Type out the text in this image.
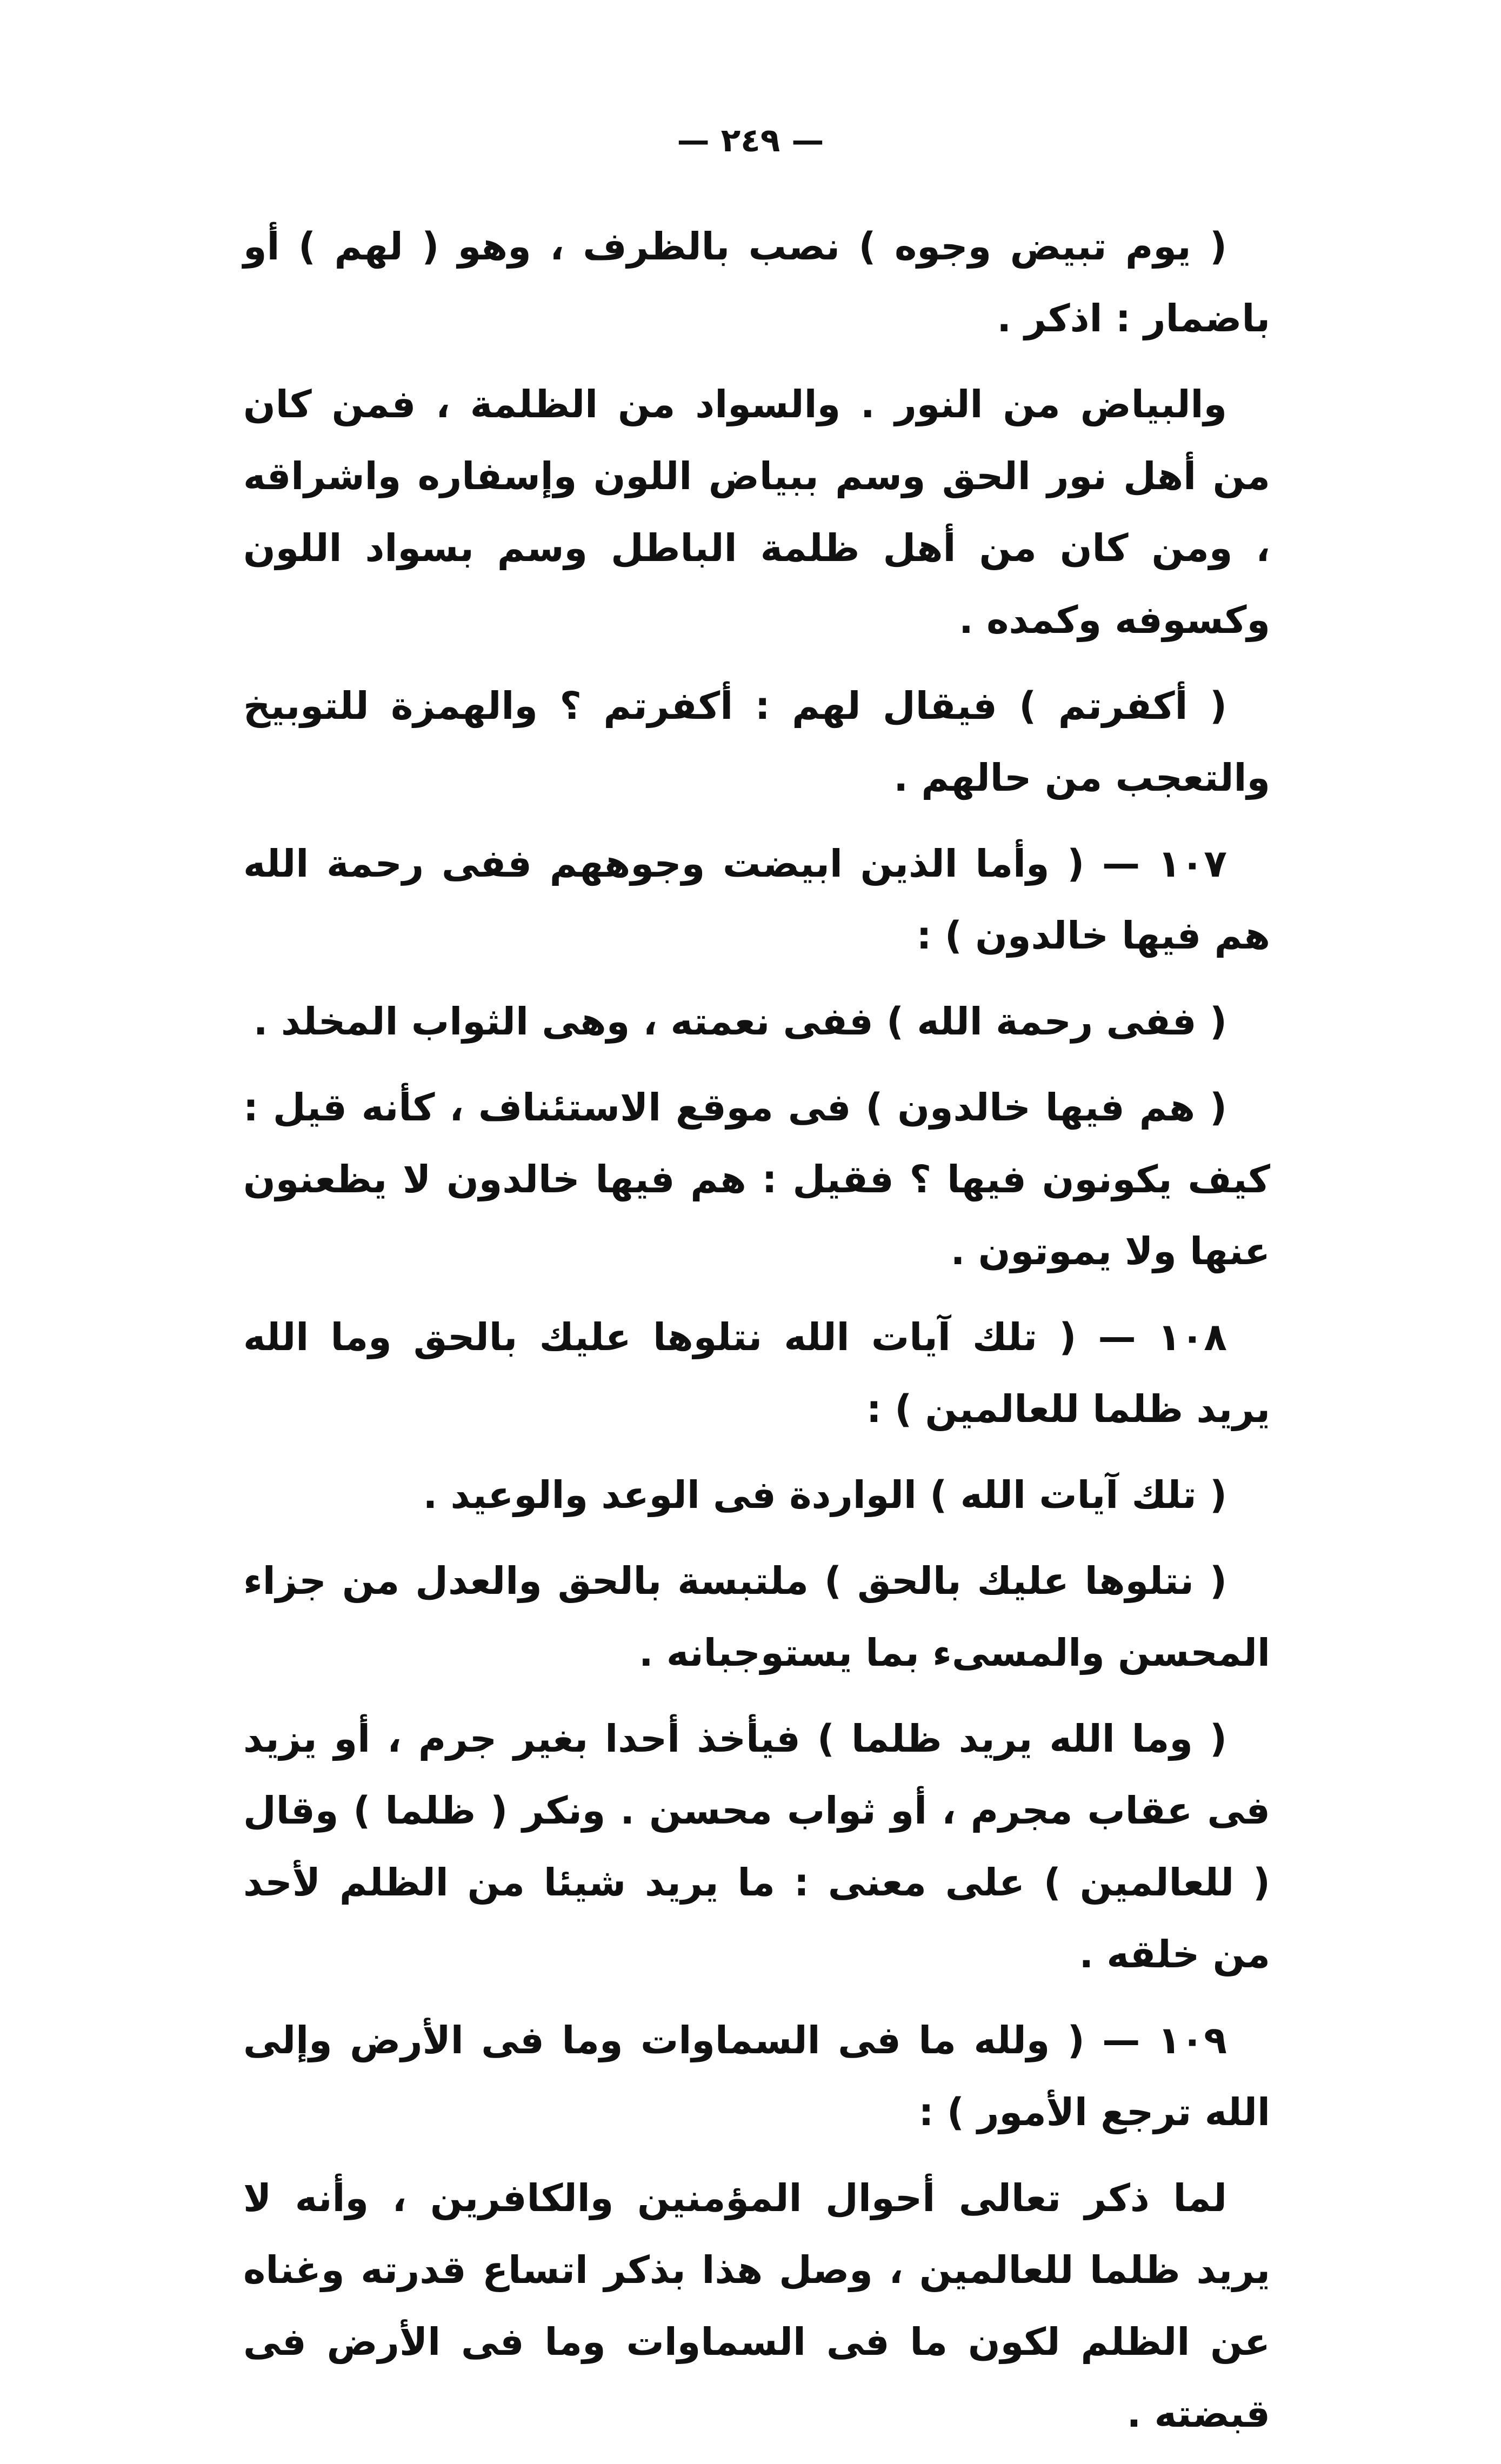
— ٢٤٩ —

( يوم تبيض وجوه ) نصب بالظرف ، وهو ( لهم ) أو باضمار : اذكر .

والبياض من النور . والسواد من الظلمة ، فمن كان من أهل نور الحق وسم ببياض اللون وإسفاره واشراقه ، ومن كان من أهل ظلمة الباطل وسم بسواد اللون وكسوفه وكمده .

( أكفرتم ) فيقال لهم : أكفرتم ؟ والهمزة للتوبيخ والتعجب من حالهم .

١٠٧ — ( وأما الذين ابيضت وجوههم ففى رحمة الله هم فيها خالدون ) :

( ففى رحمة الله ) ففى نعمته ، وهى الثواب المخلد .

( هم فيها خالدون ) فى موقع الاستئناف ، كأنه قيل : كيف يكونون فيها ؟ فقيل : هم فيها خالدون لا يظعنون عنها ولا يموتون .

١٠٨ — ( تلك آيات الله نتلوها عليك بالحق وما الله يريد ظلما للعالمين ) :

( تلك آيات الله ) الواردة فى الوعد والوعيد .

( نتلوها عليك بالحق ) ملتبسة بالحق والعدل من جزاء المحسن والمسىء بما يستوجبانه .

( وما الله يريد ظلما ) فيأخذ أحدا بغير جرم ، أو يزيد فى عقاب مجرم ، أو ثواب محسن . ونكر ( ظلما ) وقال ( للعالمين ) على معنى : ما يريد شيئا من الظلم لأحد من خلقه .

١٠٩ — ( ولله ما فى السماوات وما فى الأرض وإلى الله ترجع الأمور ) :

لما ذكر تعالى أحوال المؤمنين والكافرين ، وأنه لا يريد ظلما للعالمين ، وصل هذا بذكر اتساع قدرته وغناه عن الظلم لكون ما فى السماوات وما فى الأرض فى قبضته .
